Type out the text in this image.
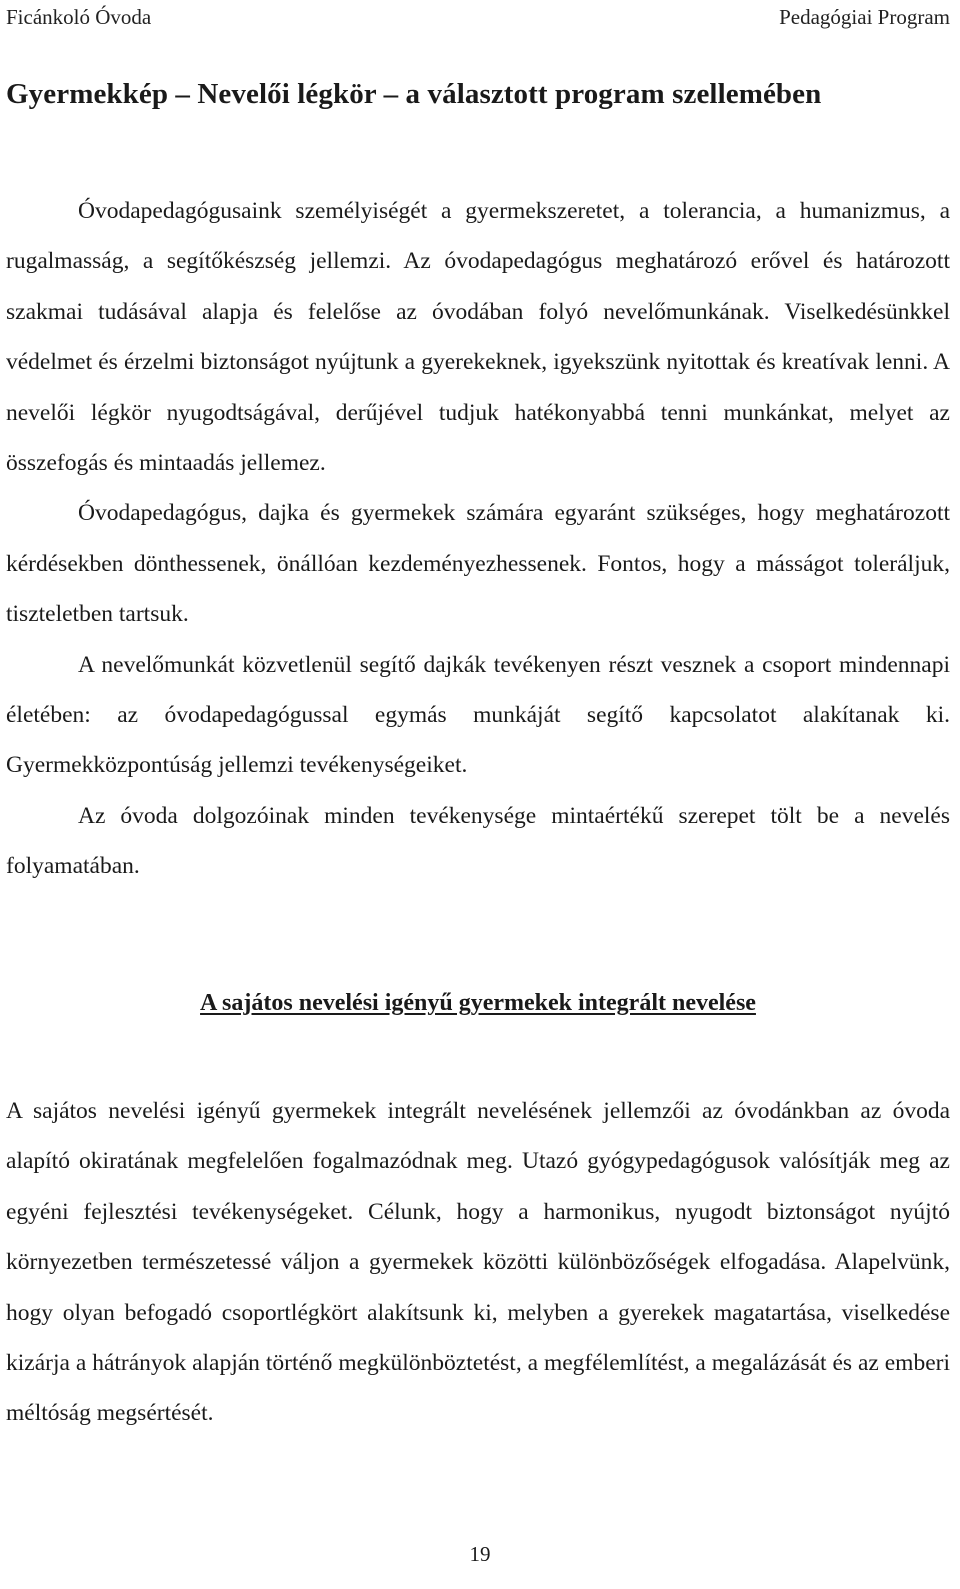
Ficánkoló Óvoda	Pedagógiai Program
Gyermekkép – Nevelői légkör – a választott program szellemében

Óvodapedagógusaink személyiségét a gyermekszeretet, a tolerancia, a humanizmus, a rugalmasság, a segítőkészség jellemzi. Az óvodapedagógus meghatározó erővel és határozott szakmai tudásával alapja és felelőse az óvodában folyó nevelőmunkának. Viselkedésünkkel védelmet és érzelmi biztonságot nyújtunk a gyerekeknek, igyekszünk nyitottak és kreatívak lenni. A nevelői légkör nyugodtságával, derűjével tudjuk hatékonyabbá tenni munkánkat, melyet az összefogás és mintaadás jellemez.

Óvodapedagógus, dajka és gyermekek számára egyaránt szükséges, hogy meghatározott kérdésekben dönthessenek, önállóan kezdeményezhessenek. Fontos, hogy a másságot toleráljuk, tiszteletben tartsuk.

A nevelőmunkát közvetlenül segítő dajkák tevékenyen részt vesznek a csoport mindennapi életében: az óvodapedagógussal egymás munkáját segítő kapcsolatot alakítanak ki. Gyermekközpontúság jellemzi tevékenységeiket.

Az óvoda dolgozóinak minden tevékenysége mintaértékű szerepet tölt be a nevelés folyamatában.

A sajátos nevelési igényű gyermekek integrált nevelése

A sajátos nevelési igényű gyermekek integrált nevelésének jellemzői az óvodánkban az óvoda alapító okiratának megfelelően fogalmazódnak meg. Utazó gyógypedagógusok valósítják meg az egyéni fejlesztési tevékenységeket. Célunk, hogy a harmonikus, nyugodt biztonságot nyújtó környezetben természetessé váljon a gyermekek közötti különbözőségek elfogadása. Alapelvünk, hogy olyan befogadó csoportlégkört alakítsunk ki, melyben a gyerekek magatartása, viselkedése kizárja a hátrányok alapján történő megkülönböztetést, a megfélemlítést, a megalázását és az emberi méltóság megsértését.

19
